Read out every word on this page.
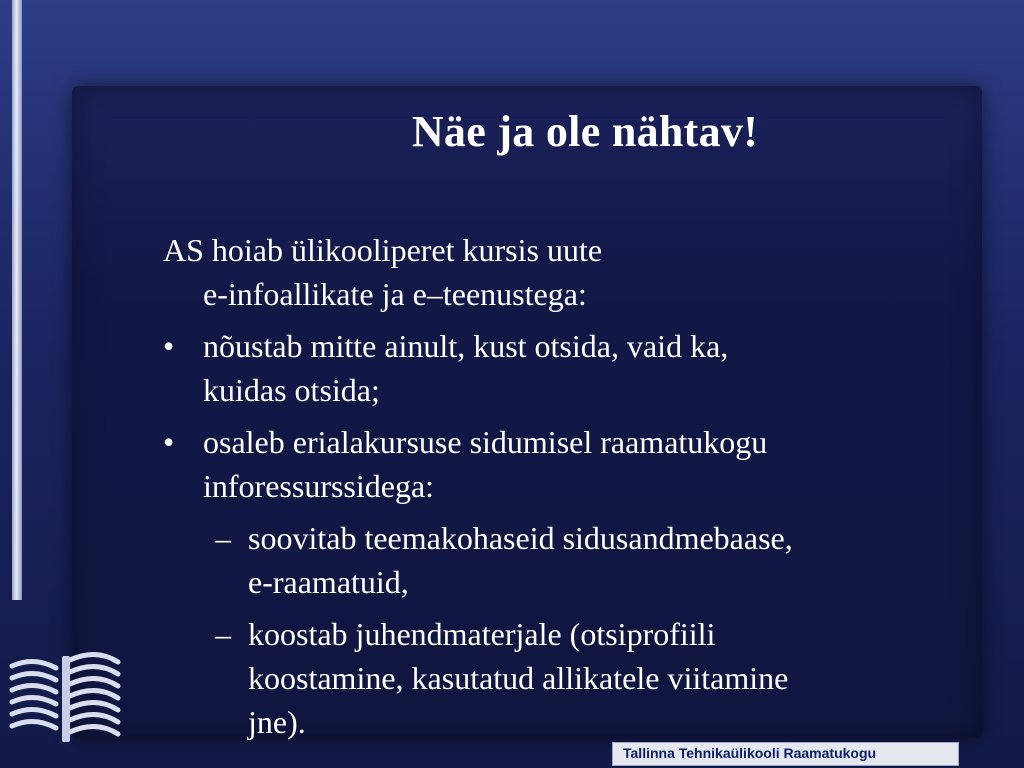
Näe ja ole nähtav!
AS hoiab ülikooliperet kursis uute
e-infoallikate ja e–teenustega:
• nõustab mitte ainult, kust otsida, vaid ka,
kuidas otsida;
• osaleb erialakursuse sidumisel raamatukogu
inforessurssidega:
– soovitab teemakohaseid sidusandmebaase,
e-raamatuid,
– koostab juhendmaterjale (otsiprofiili
koostamine, kasutatud allikatele viitamine
jne).
Tallinna Tehnikaülikooli Raamatukogu
